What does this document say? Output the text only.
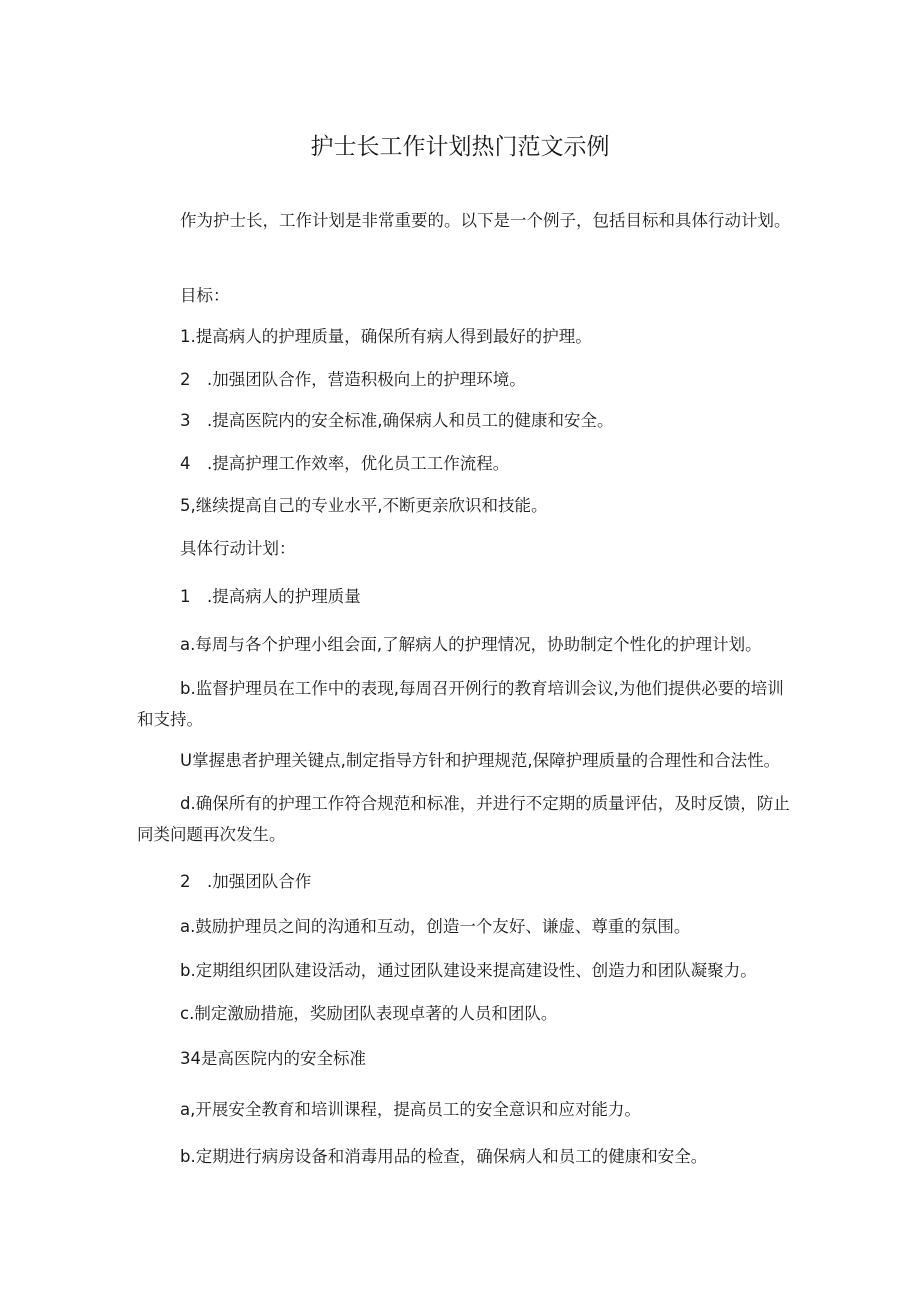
护士长工作计划热门范文示例

作为护士长，工作计划是非常重要的。以下是一个例子，包括目标和具体行动计划。

目标：

1.提高病人的护理质量，确保所有病人得到最好的护理。

2　.加强团队合作，营造积极向上的护理环境。

3　.提高医院内的安全标准,确保病人和员工的健康和安全。

4　.提高护理工作效率，优化员工工作流程。

5,继续提高自己的专业水平,不断更亲欣识和技能。

具体行动计划：

1　.提高病人的护理质量

a.每周与各个护理小组会面,了解病人的护理情况，协助制定个性化的护理计划。

b.监督护理员在工作中的表现,每周召开例行的教育培训会议,为他们提供必要的培训和支持。

U掌握患者护理关键点,制定指导方针和护理规范,保障护理质量的合理性和合法性。

d.确保所有的护理工作符合规范和标准，并进行不定期的质量评估，及时反馈，防止同类问题再次发生。

2　.加强团队合作

a.鼓励护理员之间的沟通和互动，创造一个友好、谦虚、尊重的氛围。

b.定期组织团队建设活动，通过团队建设来提高建设性、创造力和团队凝聚力。

c.制定激励措施，奖励团队表现卓著的人员和团队。

34是高医院内的安全标准

a,开展安全教育和培训课程，提高员工的安全意识和应对能力。

b.定期进行病房设备和消毒用品的检查，确保病人和员工的健康和安全。
